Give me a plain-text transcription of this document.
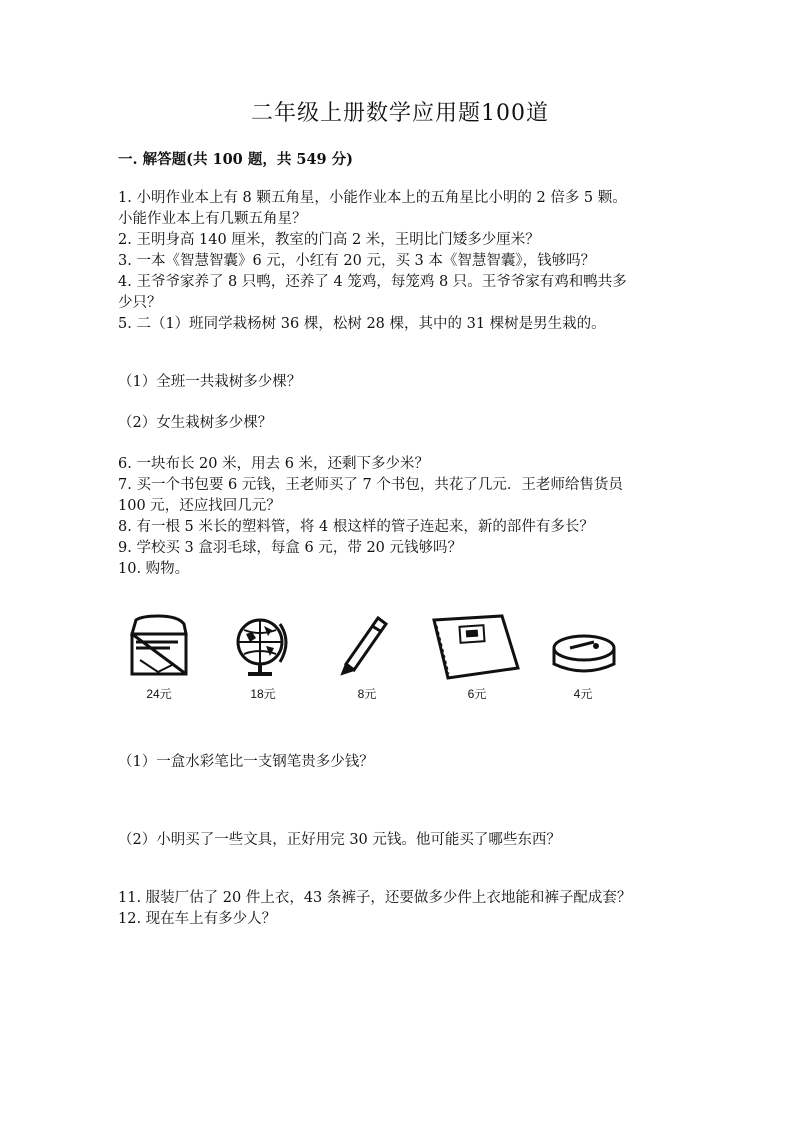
二年级上册数学应用题100道
一. 解答题(共 100 题，共 549 分)
1. 小明作业本上有 8 颗五角星，小能作业本上的五角星比小明的 2 倍多 5 颗。
小能作业本上有几颗五角星？
2. 王明身高 140 厘米，教室的门高 2 米，王明比门矮多少厘米？
3. 一本《智慧智囊》6 元，小红有 20 元，买 3 本《智慧智囊》，钱够吗？
4. 王爷爷家养了 8 只鸭，还养了 4 笼鸡，每笼鸡 8 只。王爷爷家有鸡和鸭共多
少只？
5. 二（1）班同学栽杨树 36 棵，松树 28 棵，其中的 31 棵树是男生栽的。
（1）全班一共栽树多少棵？
（2）女生栽树多少棵？
6. 一块布长 20 米，用去 6 米，还剩下多少米？
7. 买一个书包要 6 元钱，王老师买了 7 个书包，共花了几元．王老师给售货员
100 元，还应找回几元？
8. 有一根 5 米长的塑料管，将 4 根这样的管子连起来，新的部件有多长？
9. 学校买 3 盒羽毛球，每盒 6 元，带 20 元钱够吗？
10. 购物。
24元	18元	8元	6元	4元
（1）一盒水彩笔比一支钢笔贵多少钱？
（2）小明买了一些文具，正好用完 30 元钱。他可能买了哪些东西？
11. 服装厂估了 20 件上衣，43 条裤子，还要做多少件上衣地能和裤子配成套？
12. 现在车上有多少人？
